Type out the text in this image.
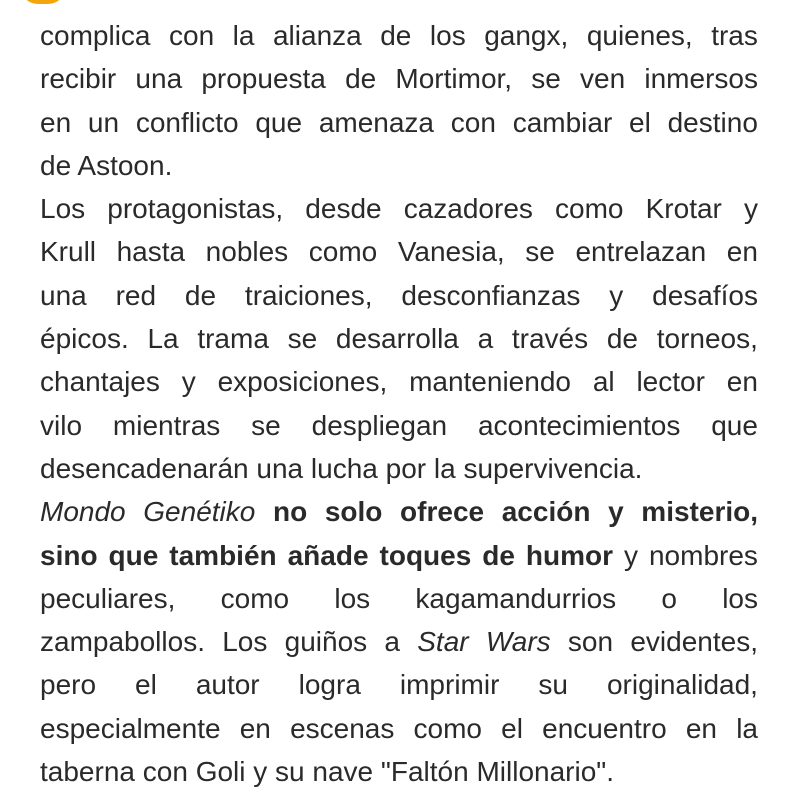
complica con la alianza de los gangx, quienes, tras
recibir una propuesta de Mortimor, se ven inmersos
en un conflicto que amenaza con cambiar el destino
de Astoon.
Los protagonistas, desde cazadores como Krotar y
Krull hasta nobles como Vanesia, se entrelazan en
una red de traiciones, desconfianzas y desafíos
épicos. La trama se desarrolla a través de torneos,
chantajes y exposiciones, manteniendo al lector en
vilo mientras se despliegan acontecimientos que
desencadenarán una lucha por la supervivencia.
Mondo Genétiko no solo ofrece acción y misterio,
sino que también añade toques de humor y nombres
peculiares, como los kagamandurrios o los
zampabollos. Los guiños a Star Wars son evidentes,
pero el autor logra imprimir su originalidad,
especialmente en escenas como el encuentro en la
taberna con Goli y su nave "Faltón Millonario".
